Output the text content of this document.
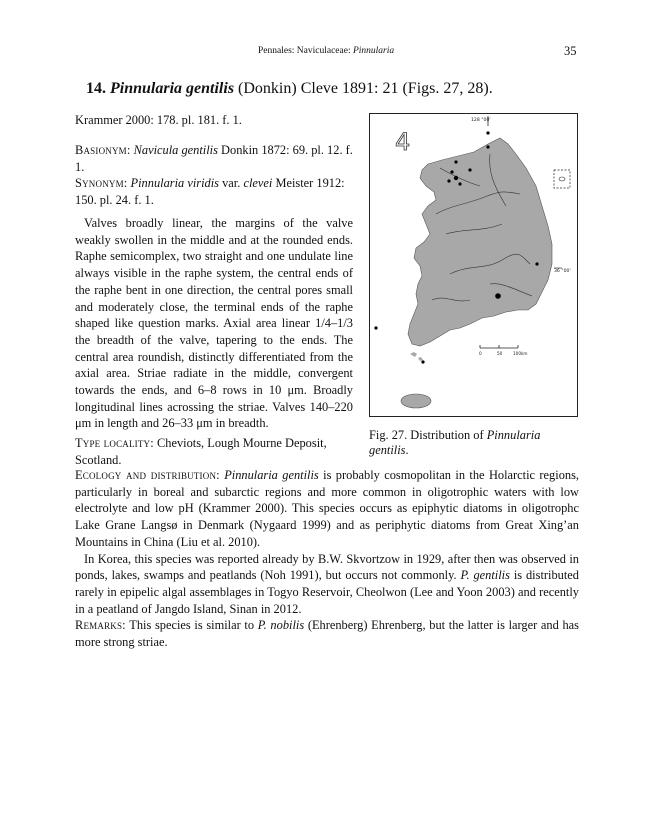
Pennales: Naviculaceae: Pinnularia	35
14. Pinnularia gentilis (Donkin) Cleve 1891: 21 (Figs. 27, 28).
Krammer 2000: 178. pl. 181. f. 1.

Basionym: Navicula gentilis Donkin 1872: 69. pl. 12. f. 1.

Synonym: Pinnularia viridis var. clevei Meister 1912: 150. pl. 24. f. 1.

Valves broadly linear, the margins of the valve weakly swollen in the middle and at the rounded ends. Raphe semicomplex, two straight and one undulate line always visible in the raphe system, the central ends of the raphe bent in one direction, the central pores small and moderately close, the terminal ends of the raphe shaped like question marks. Axial area linear 1/4–1/3 the breadth of the valve, tapering to the ends. The central area roundish, distinctly differentiated from the axial area. Striae radiate in the middle, convergent towards the ends, and 6–8 rows in 10 μm. Broadly longitudinal lines acrossing the striae. Valves 140–220 μm in length and 26–33 μm in breadth.

Type locality: Cheviots, Lough Mourne Deposit, Scotland.

Ecology and distribution: Pinnularia gentilis is probably cosmopolitan in the Holarctic regions, particularly in boreal and subarctic regions and more common in oligotrophic waters with low electrolyte and low pH (Krammer 2000). This species occurs as epiphytic diatoms in oligotrophc Lake Grane Langsø in Denmark (Nygaard 1999) and as periphytic diatoms from Great Xing’an Mountains in China (Liu et al. 2010).

In Korea, this species was reported already by B.W. Skvortzow in 1929, after then was observed in ponds, lakes, swamps and peatlands (Noh 1991), but occurs not commonly. P. gentilis is distributed rarely in epipelic algal assemblages in Togyo Reservoir, Cheolwon (Lee and Yoon 2003) and recently in a peatland of Jangdo Island, Sinan in 2012.

Remarks: This species is similar to P. nobilis (Ehrenberg) Ehrenberg, but the latter is larger and has more strong striae.

128 °00'
4
36 °00'
0	50	100km
Fig. 27. Distribution of Pinnularia gentilis.
